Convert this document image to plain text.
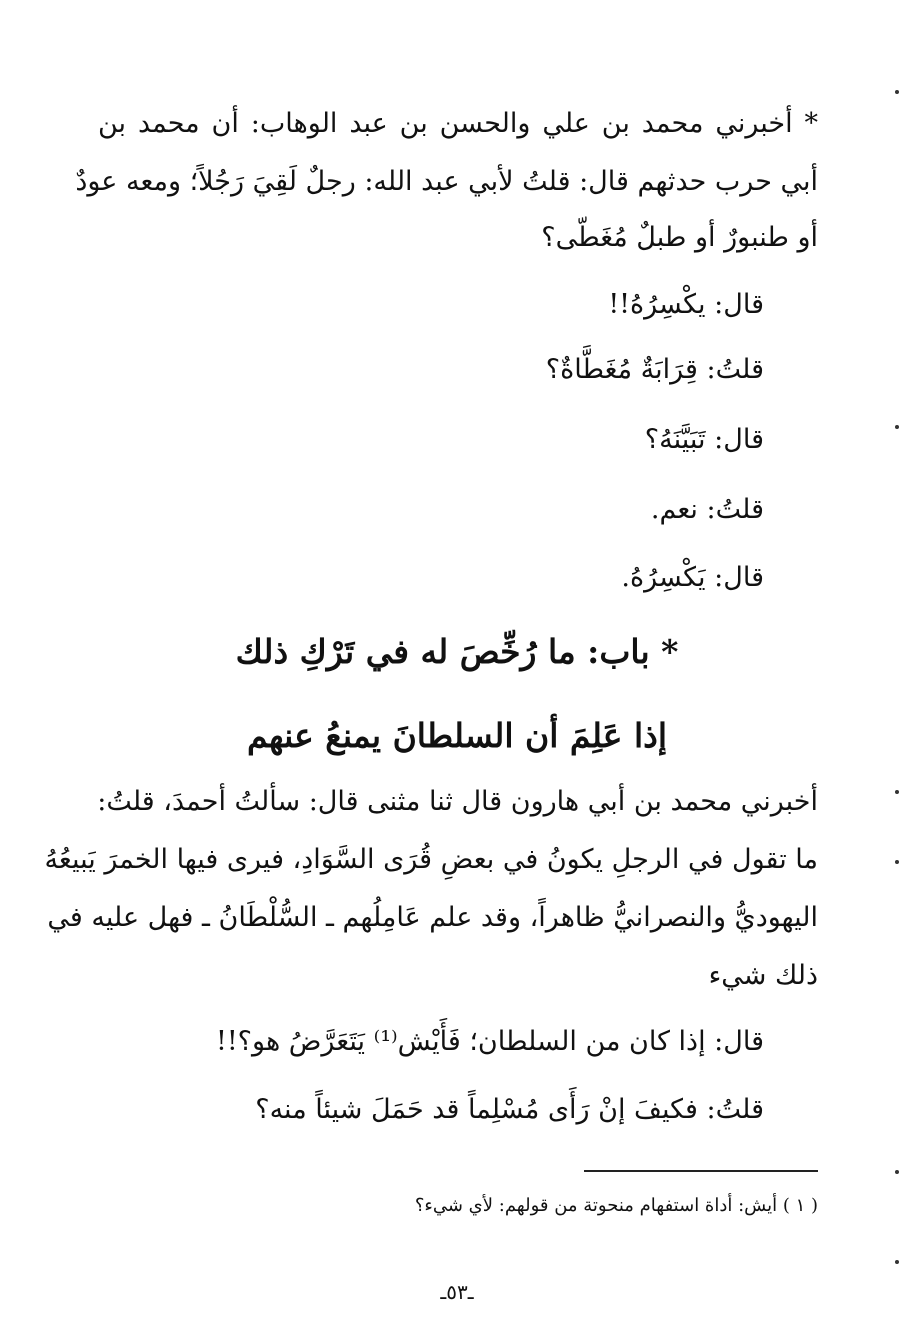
* أخبرني محمد بن علي والحسن بن عبد الوهاب: أن محمد بن
أبي حرب حدثهم قال: قلتُ لأبي عبد الله: رجلٌ لَقِيَ رَجُلاً؛ ومعه عودٌ
أو طنبورٌ أو طبلٌ مُغَطّى؟
قال: يكْسِرُهُ!!
قلتُ: قِرَابَةٌ مُغَطَّاةٌ؟
قال: تَبَيَّنَهُ؟
قلتُ: نعم.
قال: يَكْسِرُهُ.
* باب: ما رُخِّصَ له في تَرْكِ ذلك
إذا عَلِمَ أن السلطانَ يمنعُ عنهم
أخبرني محمد بن أبي هارون قال ثنا مثنى قال: سألتُ أحمدَ، قلتُ:
ما تقول في الرجلِ يكونُ في بعضِ قُرَى السَّوَادِ، فيرى فيها الخمرَ يَبيعُهُ
اليهوديُّ والنصرانيُّ ظاهراً، وقد علم عَامِلُهم ـ السُّلْطَانُ ـ فهل عليه في
ذلك شيء
قال: إذا كان من السلطان؛ فَأَيْش⁽¹⁾ يَتَعَرَّضُ هو؟!!
قلتُ: فكيفَ إنْ رَأَى مُسْلِماً قد حَمَلَ شيئاً منه؟
( ١ ) أيش: أداة استفهام منحوتة من قولهم: لأي شيء؟
ـ٥٣ـ
